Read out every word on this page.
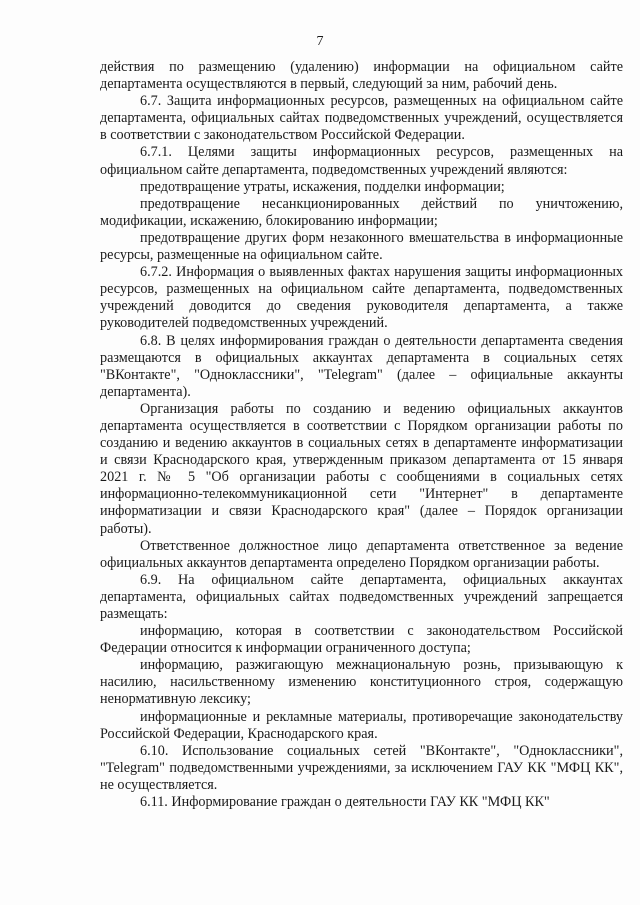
7

действия по размещению (удалению) информации на официальном сайте департамента осуществляются в первый, следующий за ним, рабочий день.

6.7. Защита информационных ресурсов, размещенных на официальном сайте департамента, официальных сайтах подведомственных учреждений, осуществляется в соответствии с законодательством Российской Федерации.

6.7.1. Целями защиты информационных ресурсов, размещенных на официальном сайте департамента, подведомственных учреждений являются:

предотвращение утраты, искажения, подделки информации;

предотвращение несанкционированных действий по уничтожению, модификации, искажению, блокированию информации;

предотвращение других форм незаконного вмешательства в информационные ресурсы, размещенные на официальном сайте.

6.7.2. Информация о выявленных фактах нарушения защиты информационных ресурсов, размещенных на официальном сайте департамента, подведомственных учреждений доводится до сведения руководителя департамента, а также руководителей подведомственных учреждений.

6.8. В целях информирования граждан о деятельности департамента сведения размещаются в официальных аккаунтах департамента в социальных сетях "ВКонтакте", "Одноклассники", "Telegram" (далее – официальные аккаунты департамента).

Организация работы по созданию и ведению официальных аккаунтов департамента осуществляется в соответствии с Порядком организации работы по созданию и ведению аккаунтов в социальных сетях в департаменте информатизации и связи Краснодарского края, утвержденным приказом департамента от 15 января 2021 г. № 5 "Об организации работы с сообщениями в социальных сетях информационно-телекоммуникационной сети "Интернет" в департаменте информатизации и связи Краснодарского края" (далее – Порядок организации работы).

Ответственное должностное лицо департамента ответственное за ведение официальных аккаунтов департамента определено Порядком организации работы.

6.9. На официальном сайте департамента, официальных аккаунтах департамента, официальных сайтах подведомственных учреждений запрещается размещать:

информацию, которая в соответствии с законодательством Российской Федерации относится к информации ограниченного доступа;

информацию, разжигающую межнациональную рознь, призывающую к насилию, насильственному изменению конституционного строя, содержащую ненормативную лексику;

информационные и рекламные материалы, противоречащие законодательству Российской Федерации, Краснодарского края.

6.10. Использование социальных сетей "ВКонтакте", "Одноклассники", "Telegram" подведомственными учреждениями, за исключением ГАУ КК "МФЦ КК", не осуществляется.

6.11. Информирование граждан о деятельности ГАУ КК "МФЦ КК"
